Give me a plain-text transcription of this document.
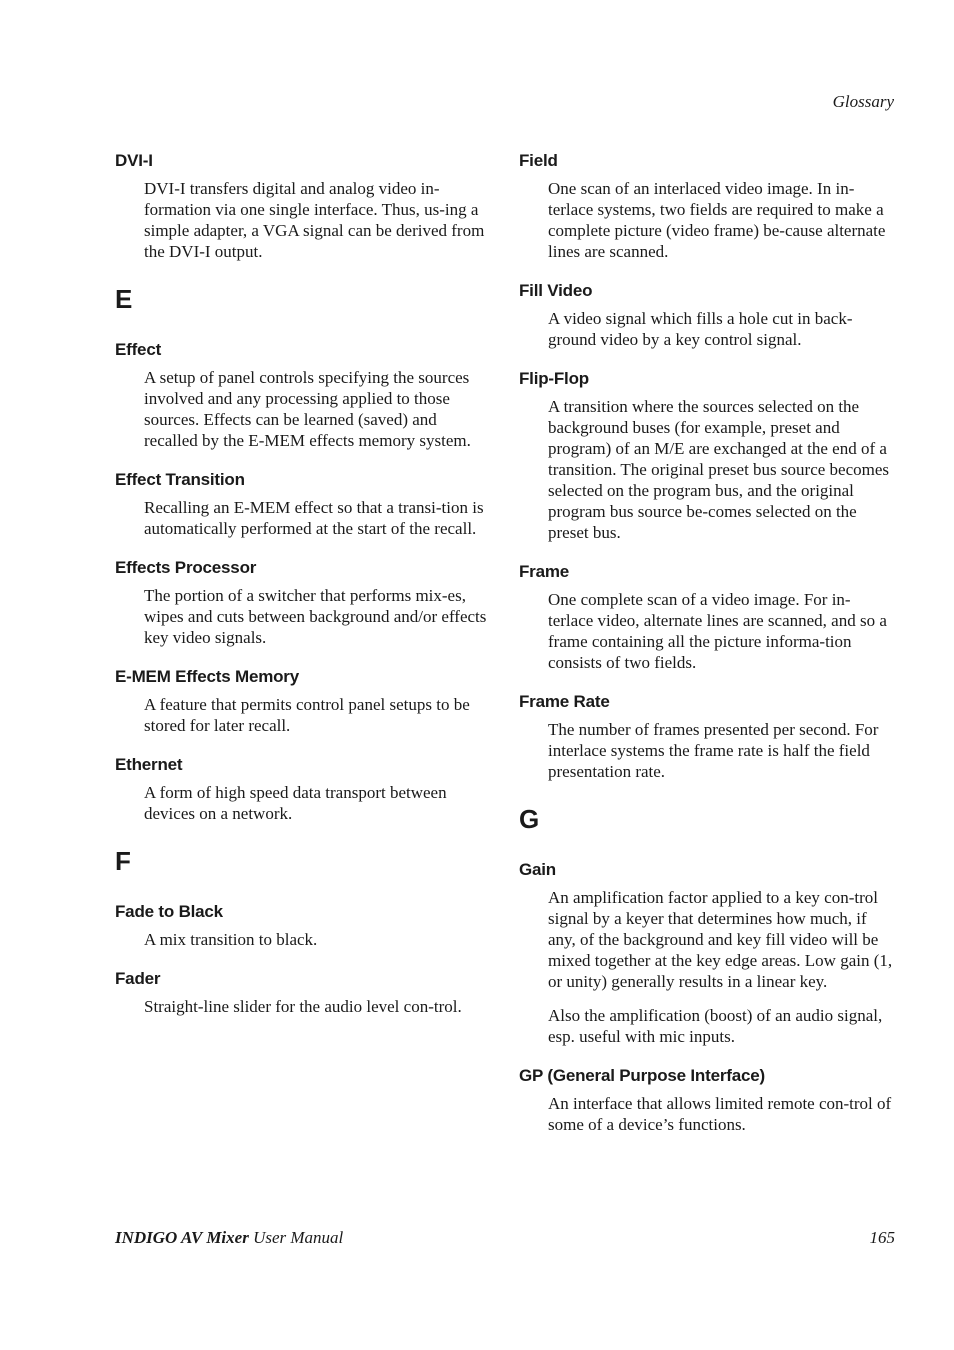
Glossary
DVI-I
DVI-I transfers digital and analog video in-formation via one single interface. Thus, us-ing a simple adapter, a VGA signal can be derived from the DVI-I output.
E
Effect
A setup of panel controls specifying the sources involved and any processing applied to those sources. Effects can be learned (saved) and recalled by the E-MEM effects memory system.
Effect Transition
Recalling an E-MEM effect so that a transi-tion is automatically performed at the start of the recall.
Effects Processor
The portion of a switcher that performs mix-es, wipes and cuts between background and/or effects key video signals.
E-MEM Effects Memory
A feature that permits control panel setups to be stored for later recall.
Ethernet
A form of high speed data transport between devices on a network.
F
Fade to Black
A mix transition to black.
Fader
Straight-line slider for the audio level con-trol.
Field
One scan of an interlaced video image. In in-terlace systems, two fields are required to make a complete picture (video frame) be-cause alternate lines are scanned.
Fill Video
A video signal which fills a hole cut in back-ground video by a key control signal.
Flip-Flop
A transition where the sources selected on the background buses (for example, preset and program) of an M/E are exchanged at the end of a transition. The original preset bus source becomes selected on the program bus, and the original program bus source be-comes selected on the preset bus.
Frame
One complete scan of a video image. For in-terlace video, alternate lines are scanned, and so a frame containing all the picture informa-tion consists of two fields.
Frame Rate
The number of frames presented per second. For interlace systems the frame rate is half the field presentation rate.
G
Gain
An amplification factor applied to a key con-trol signal by a keyer that determines how much, if any, of the background and key fill video will be mixed together at the key edge areas. Low gain (1, or unity) generally results in a linear key.
Also the amplification (boost) of an audio signal, esp. useful with mic inputs.
GP (General Purpose Interface)
An interface that allows limited remote con-trol of some of a device’s functions.
INDIGO AV Mixer User Manual	165
